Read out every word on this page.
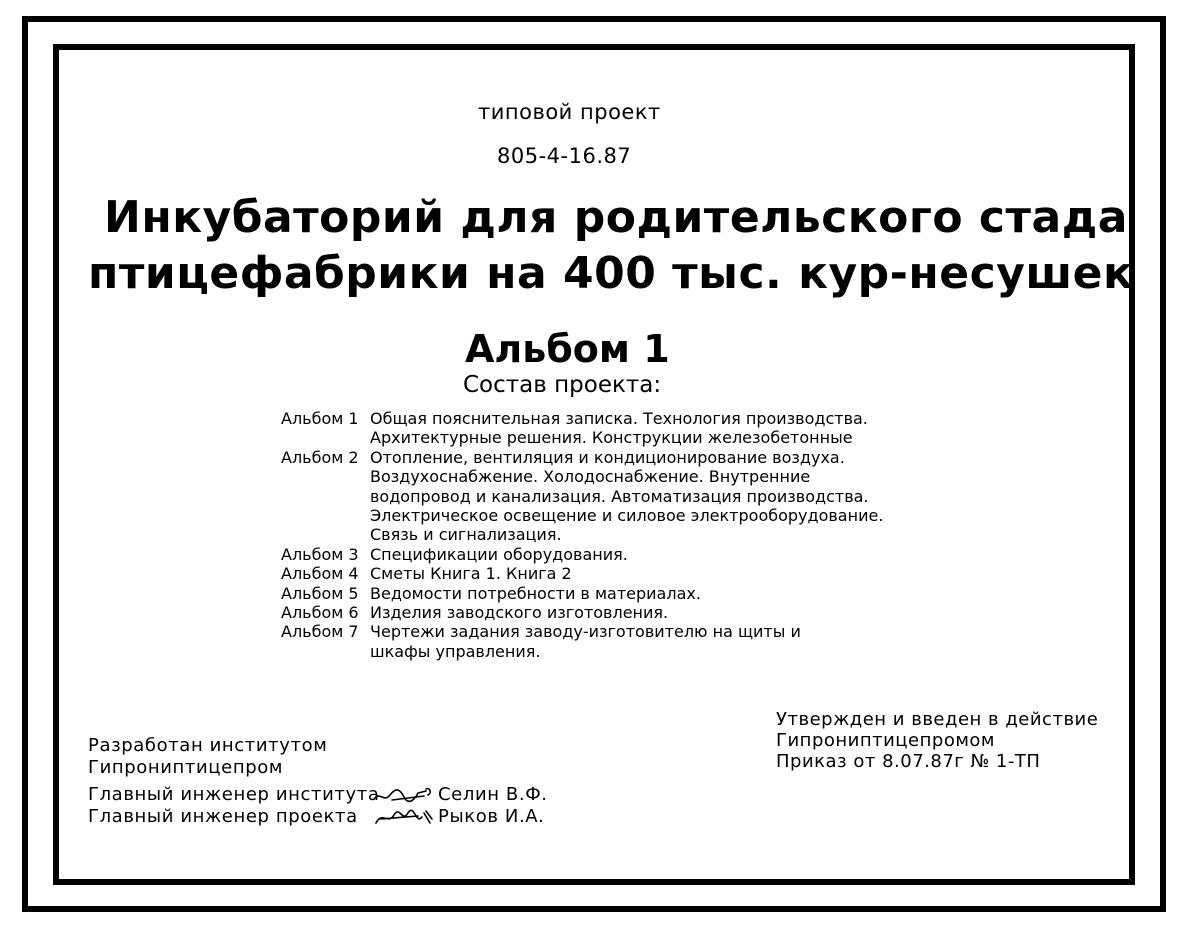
типовой проект
805-4-16.87
Инкубаторий для родительского стада
птицефабрики на 400 тыс. кур-несушек
Альбом 1
Состав проекта:
Альбом 1 Общая пояснительная записка. Технология производства.
Архитектурные решения. Конструкции железобетонные
Альбом 2 Отопление, вентиляция и кондиционирование воздуха.
Воздухоснабжение. Холодоснабжение. Внутренние
водопровод и канализация. Автоматизация производства.
Электрическое освещение и силовое электрооборудование.
Связь и сигнализация.
Альбом 3 Спецификации оборудования.
Альбом 4 Сметы Книга 1. Книга 2
Альбом 5 Ведомости потребности в материалах.
Альбом 6 Изделия заводского изготовления.
Альбом 7 Чертежи задания заводу-изготовителю на щиты и
шкафы управления.
Разработан институтом
Гипрониптицепром
Главный инженер института	Селин В.Ф.
Главный инженер проекта	Рыков И.А.
Утвержден и введен в действие
Гипрониптицепромом
Приказ от 8.07.87г № 1-ТП
